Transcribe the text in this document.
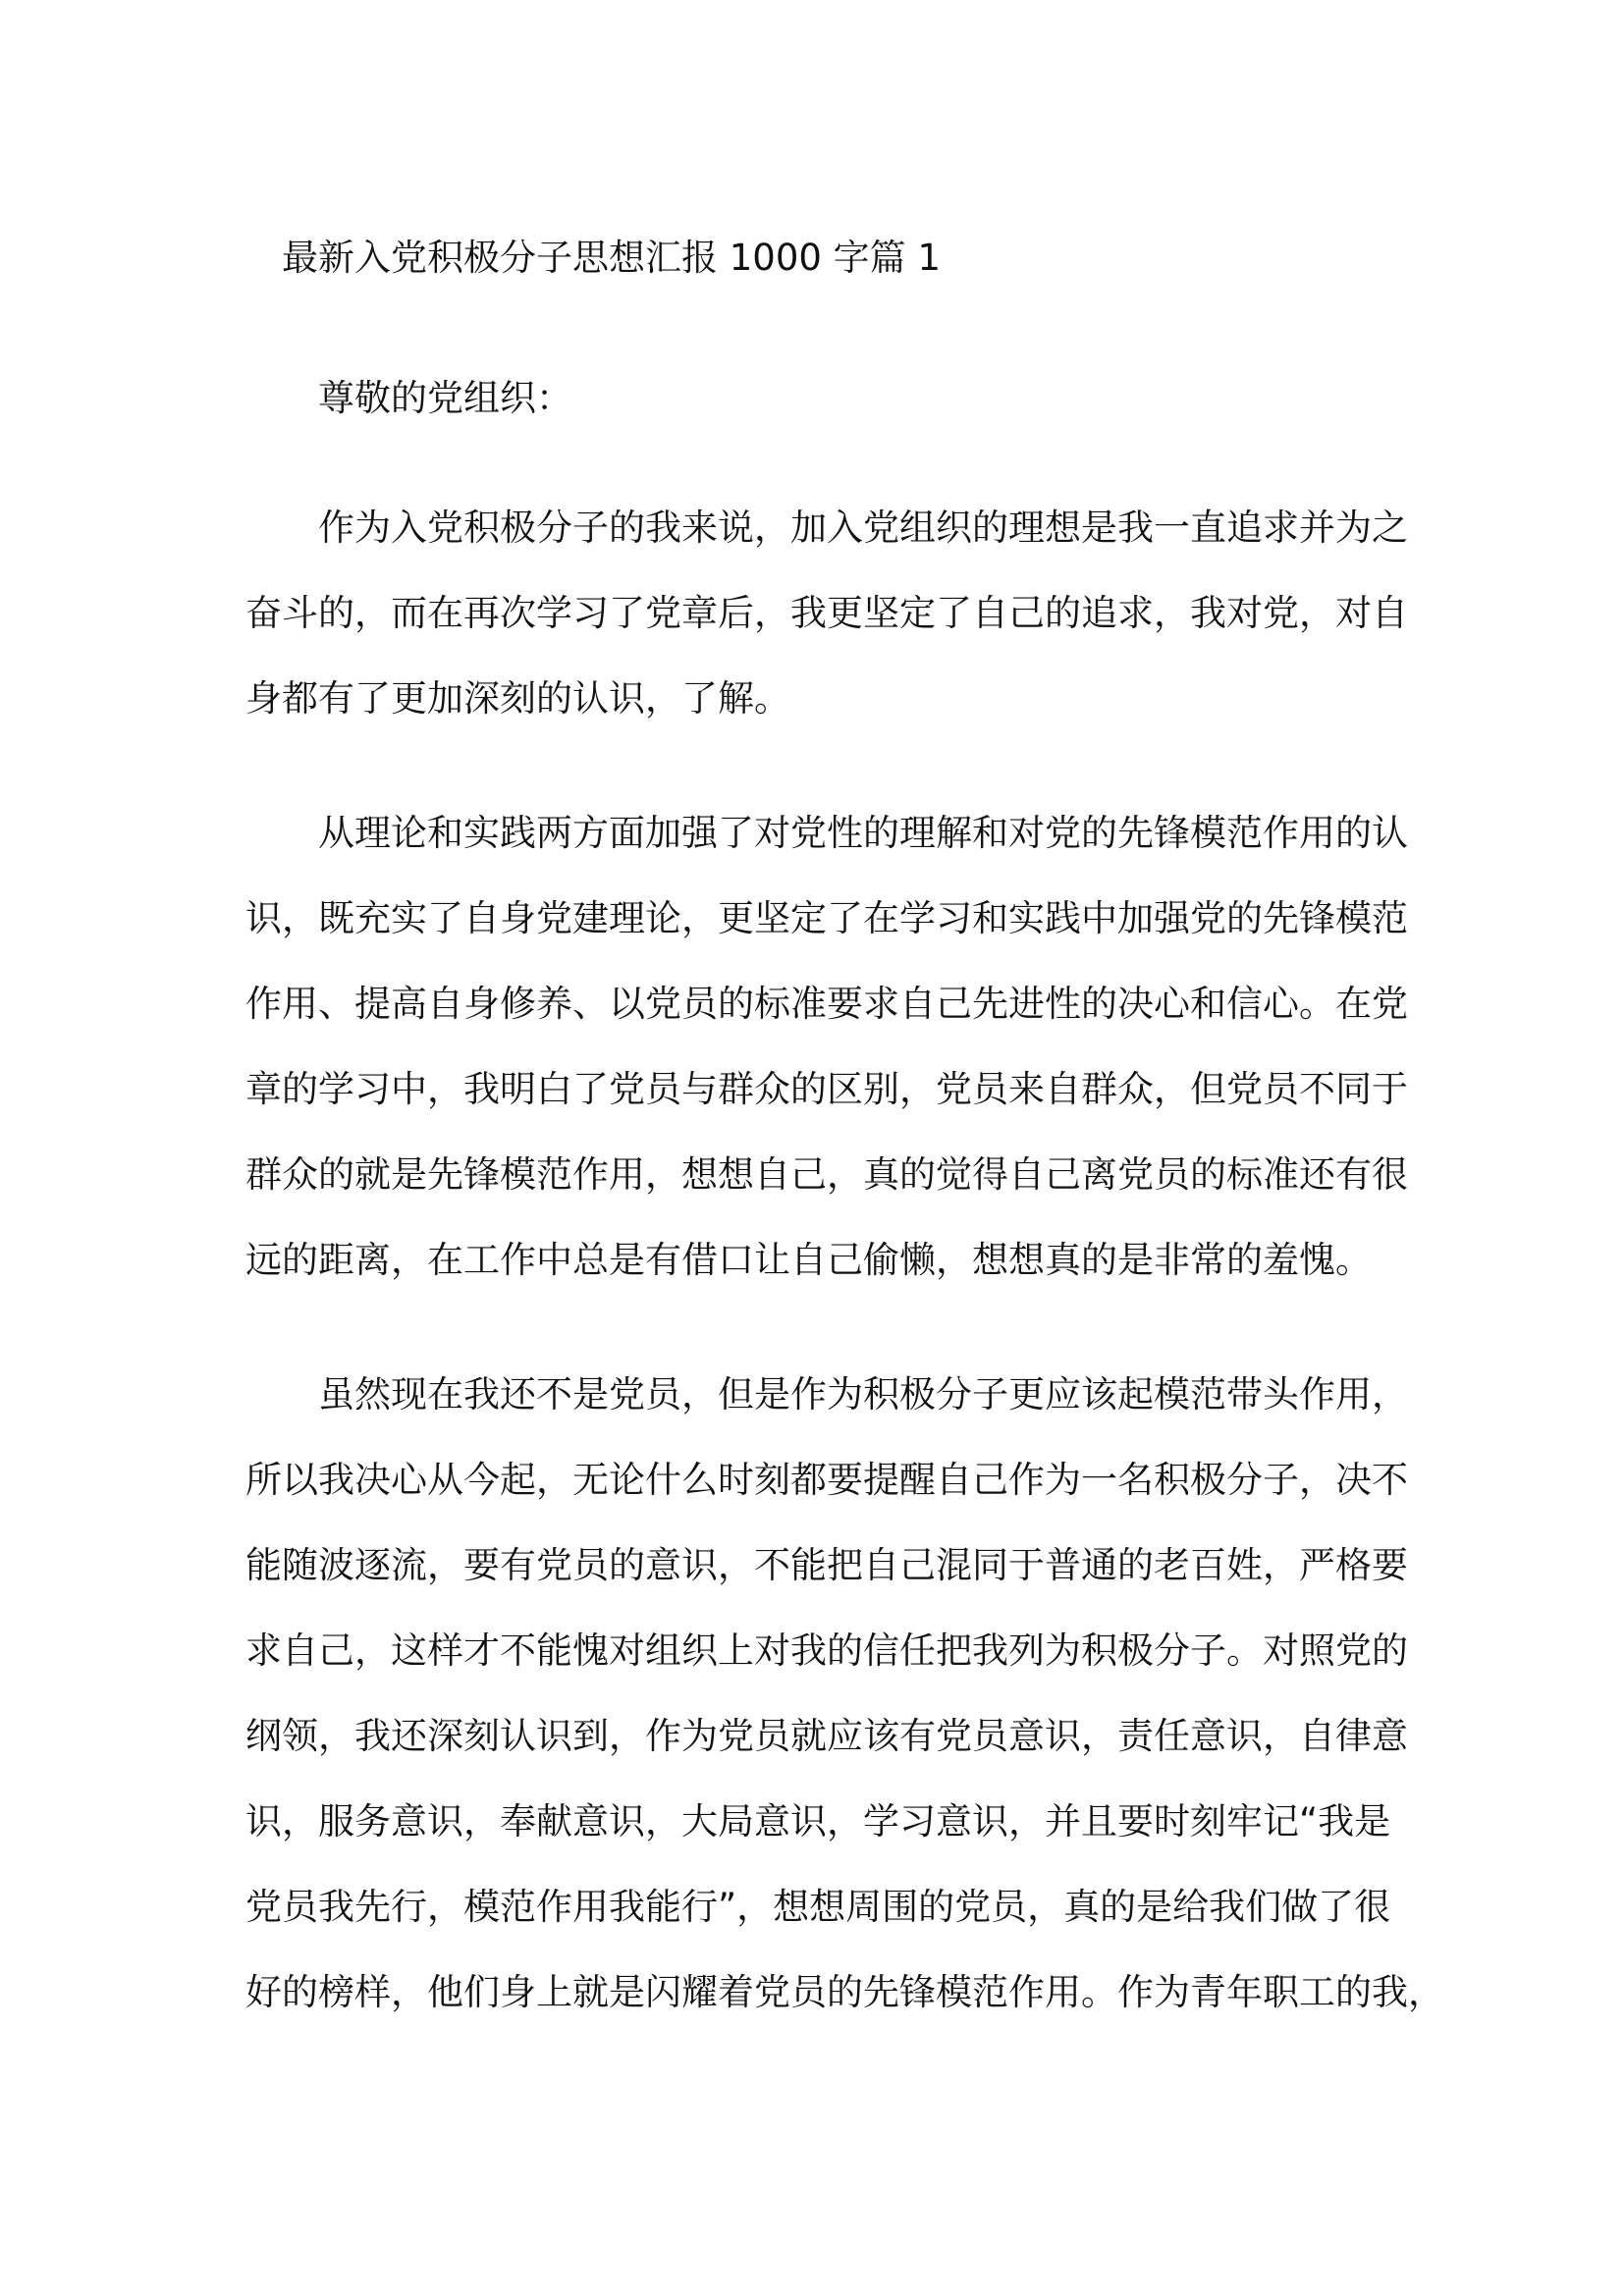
最新入党积极分子思想汇报 1000 字篇 1
尊敬的党组织：
作为入党积极分子的我来说，加入党组织的理想是我一直追求并为之
奋斗的，而在再次学习了党章后，我更坚定了自己的追求，我对党，对自
身都有了更加深刻的认识，了解。
从理论和实践两方面加强了对党性的理解和对党的先锋模范作用的认
识，既充实了自身党建理论，更坚定了在学习和实践中加强党的先锋模范
作用、提高自身修养、以党员的标准要求自己先进性的决心和信心。在党
章的学习中，我明白了党员与群众的区别，党员来自群众，但党员不同于
群众的就是先锋模范作用，想想自己，真的觉得自己离党员的标准还有很
远的距离，在工作中总是有借口让自己偷懒，想想真的是非常的羞愧。
虽然现在我还不是党员，但是作为积极分子更应该起模范带头作用，
所以我决心从今起，无论什么时刻都要提醒自己作为一名积极分子，决不
能随波逐流，要有党员的意识，不能把自己混同于普通的老百姓，严格要
求自己，这样才不能愧对组织上对我的信任把我列为积极分子。对照党的
纲领，我还深刻认识到，作为党员就应该有党员意识，责任意识，自律意
识，服务意识，奉献意识，大局意识，学习意识，并且要时刻牢记“我是
党员我先行，模范作用我能行”，想想周围的党员，真的是给我们做了很
好的榜样，他们身上就是闪耀着党员的先锋模范作用。作为青年职工的我，
